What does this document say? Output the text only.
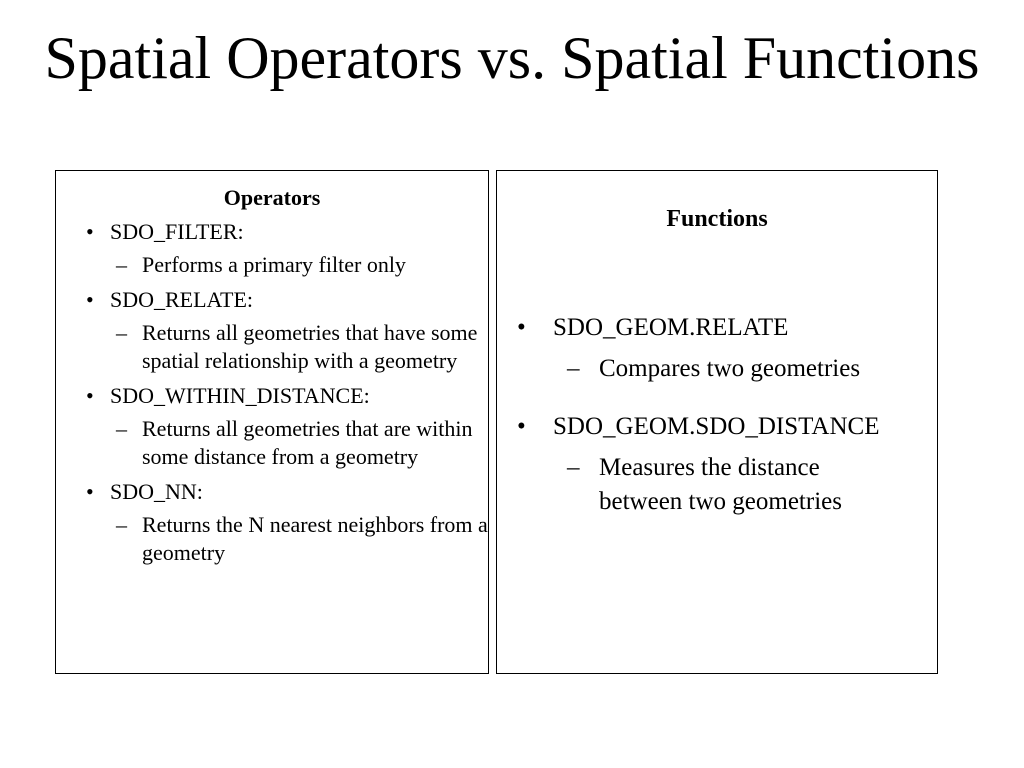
Spatial Operators vs. Spatial Functions
Operators
• SDO_FILTER:
– Performs a primary filter only
• SDO_RELATE:
– Returns all geometries that have some spatial relationship with a geometry
• SDO_WITHIN_DISTANCE:
– Returns all geometries that are within some distance from a geometry
• SDO_NN:
– Returns the N nearest neighbors from a geometry
Functions
• SDO_GEOM.RELATE
– Compares two geometries
• SDO_GEOM.SDO_DISTANCE
– Measures the distance between two geometries
